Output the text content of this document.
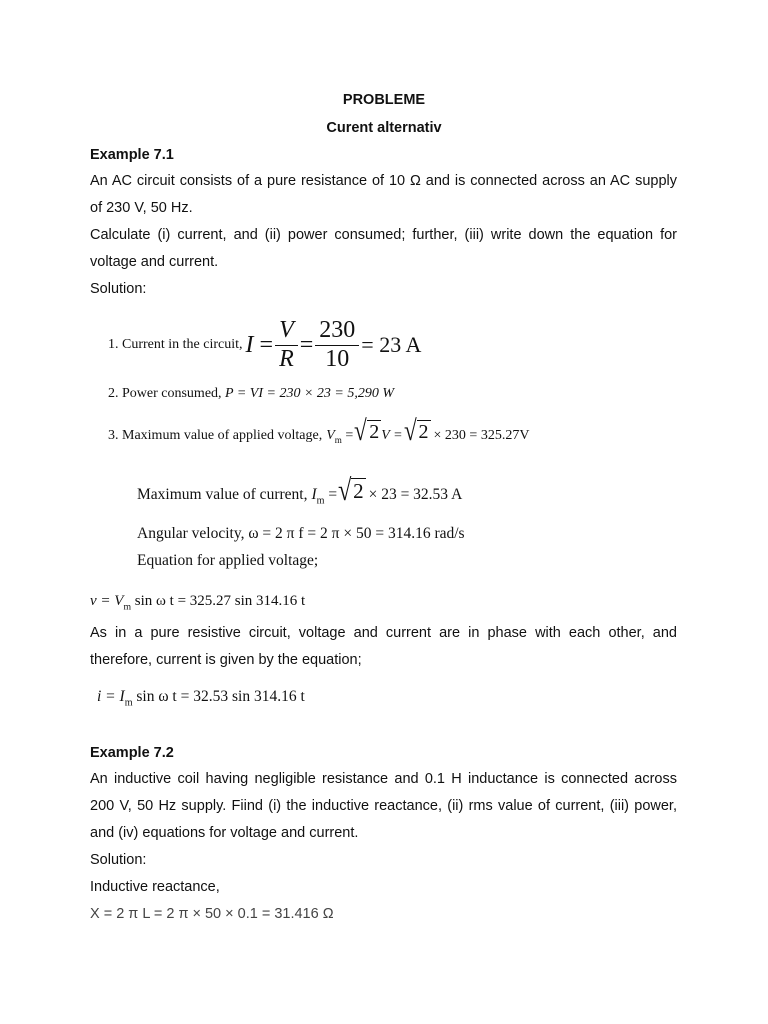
PROBLEME
Curent alternativ
Example 7.1
An AC circuit consists of a pure resistance of 10 Ω and is connected across an AC supply
of 230 V, 50 Hz.
Calculate (i) current, and (ii) power consumed; further, (iii) write down the equation for
voltage and current.
Solution:
1. Current in the circuit, $I = \frac{V}{R} = \frac{230}{10} = 23$ A
2. Power consumed, P = VI = 230 × 23 = 5,290 W
3. Maximum value of applied voltage, $V_m$ = √ 2 V = √ 2 × 230 = 325.27V
Maximum value of current, $I_m$ = √ 2 × 23 = 32.53 A
Angular velocity, ω = 2 π f = 2 π × 50 = 314.16 rad/s
Equation for applied voltage;
$v = V_m$ sin ω t = 325.27 sin 314.16 t
As in a pure resistive circuit, voltage and current are in phase with each other, and
therefore, current is given by the equation;
$i = I_m$ sin ω t = 32.53 sin 314.16 t
Example 7.2
An inductive coil having negligible resistance and 0.1 H inductance is connected across
200 V, 50 Hz supply. Fiind (i) the inductive reactance, (ii) rms value of current, (iii) power,
and (iv) equations for voltage and current.
Solution:
Inductive reactance,
X = 2 π L = 2 π × 50 × 0.1 = 31.416 Ω
